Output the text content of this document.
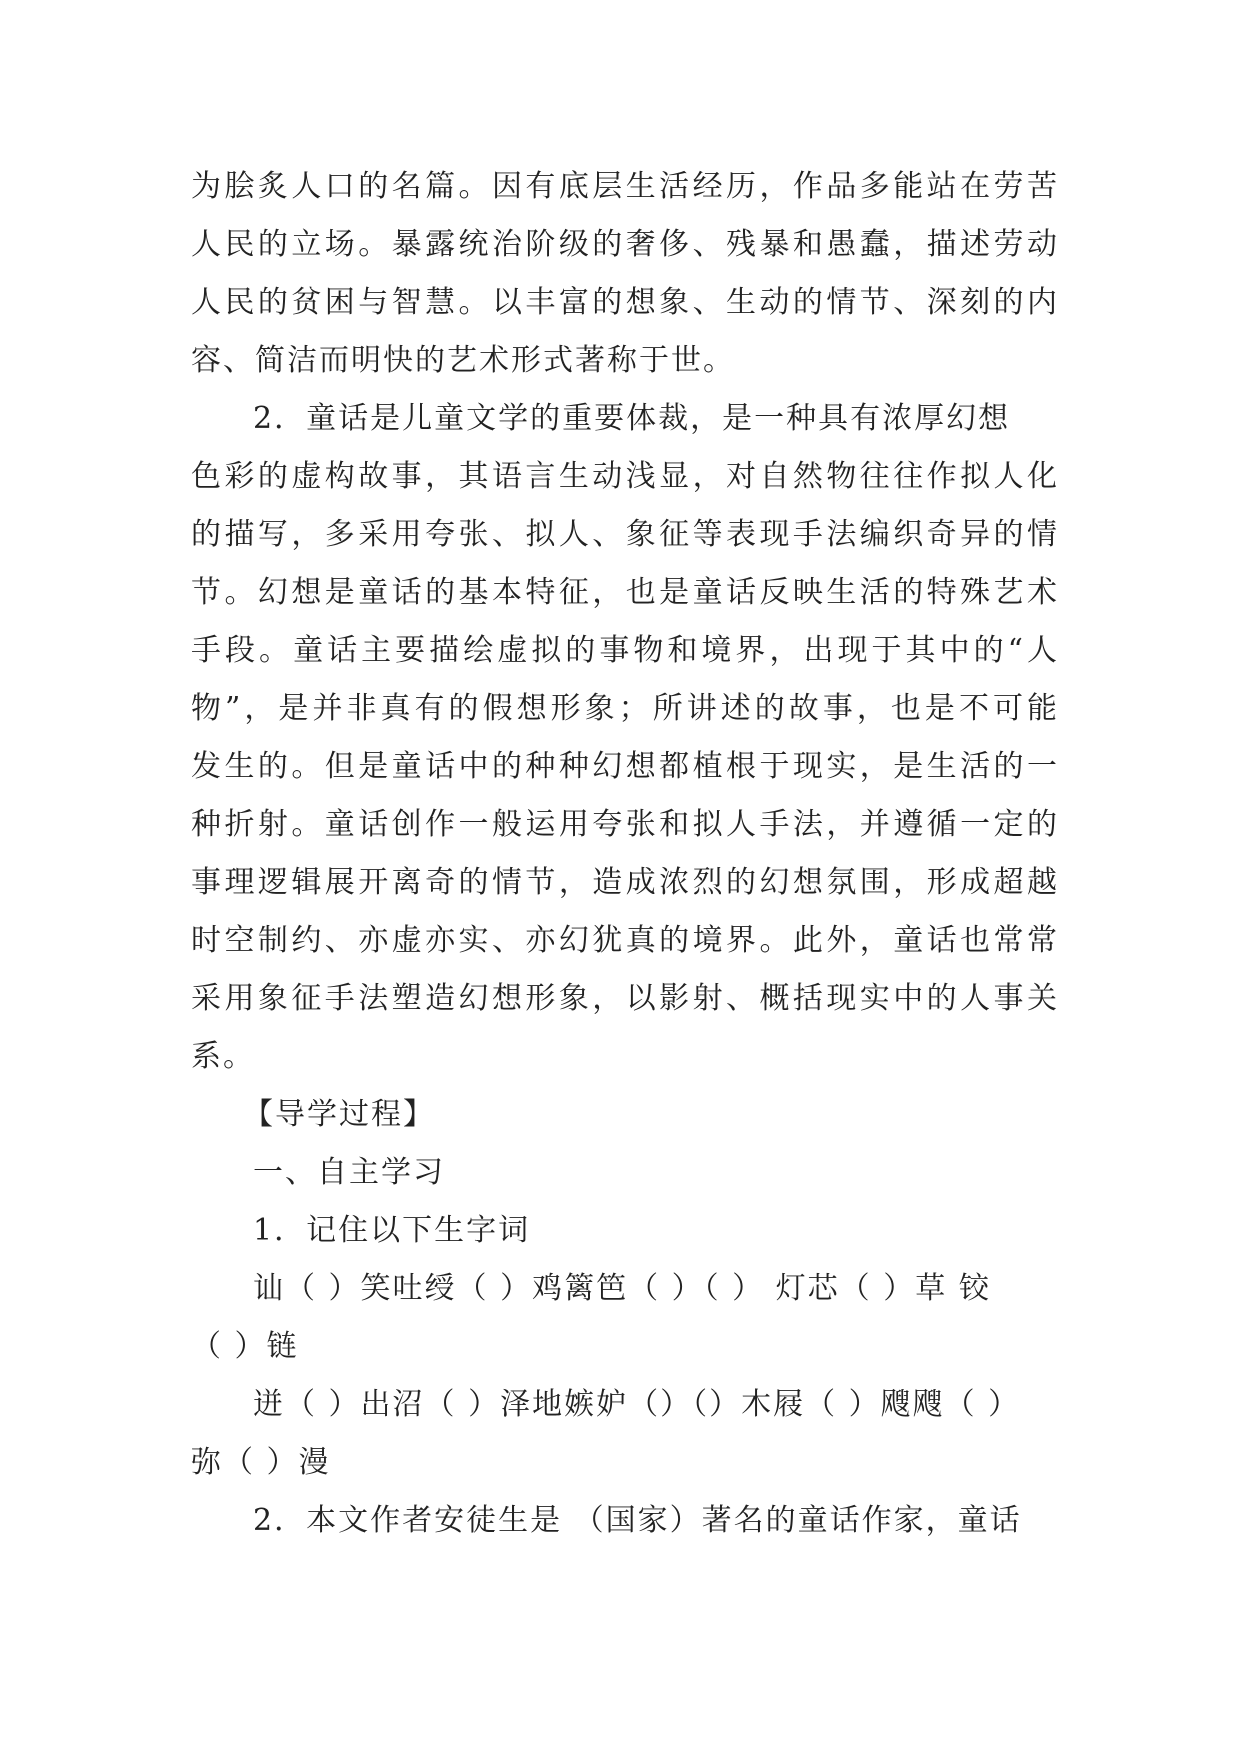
为脍炙人口的名篇。因有底层生活经历，作品多能站在劳苦
人民的立场。暴露统治阶级的奢侈、残暴和愚蠢，描述劳动
人民的贫困与智慧。以丰富的想象、生动的情节、深刻的内
容、简洁而明快的艺术形式著称于世。
2．童话是儿童文学的重要体裁，是一种具有浓厚幻想
色彩的虚构故事，其语言生动浅显，对自然物往往作拟人化
的描写，多采用夸张、拟人、象征等表现手法编织奇异的情
节。幻想是童话的基本特征，也是童话反映生活的特殊艺术
手段。童话主要描绘虚拟的事物和境界，出现于其中的“人
物”，是并非真有的假想形象；所讲述的故事，也是不可能
发生的。但是童话中的种种幻想都植根于现实，是生活的一
种折射。童话创作一般运用夸张和拟人手法，并遵循一定的
事理逻辑展开离奇的情节，造成浓烈的幻想氛围，形成超越
时空制约、亦虚亦实、亦幻犹真的境界。此外，童话也常常
采用象征手法塑造幻想形象，以影射、概括现实中的人事关
系。
【导学过程】
一、自主学习
1．记住以下生字词
讪（ ）笑吐绶（ ）鸡篱笆（ ）（ ） 灯芯（ ）草 铰
（ ）链
迸（ ）出沼（ ）泽地嫉妒（）（）木屐（ ）飕飕（ ）
弥（ ）漫
2．本文作者安徒生是 （国家）著名的童话作家，童话
